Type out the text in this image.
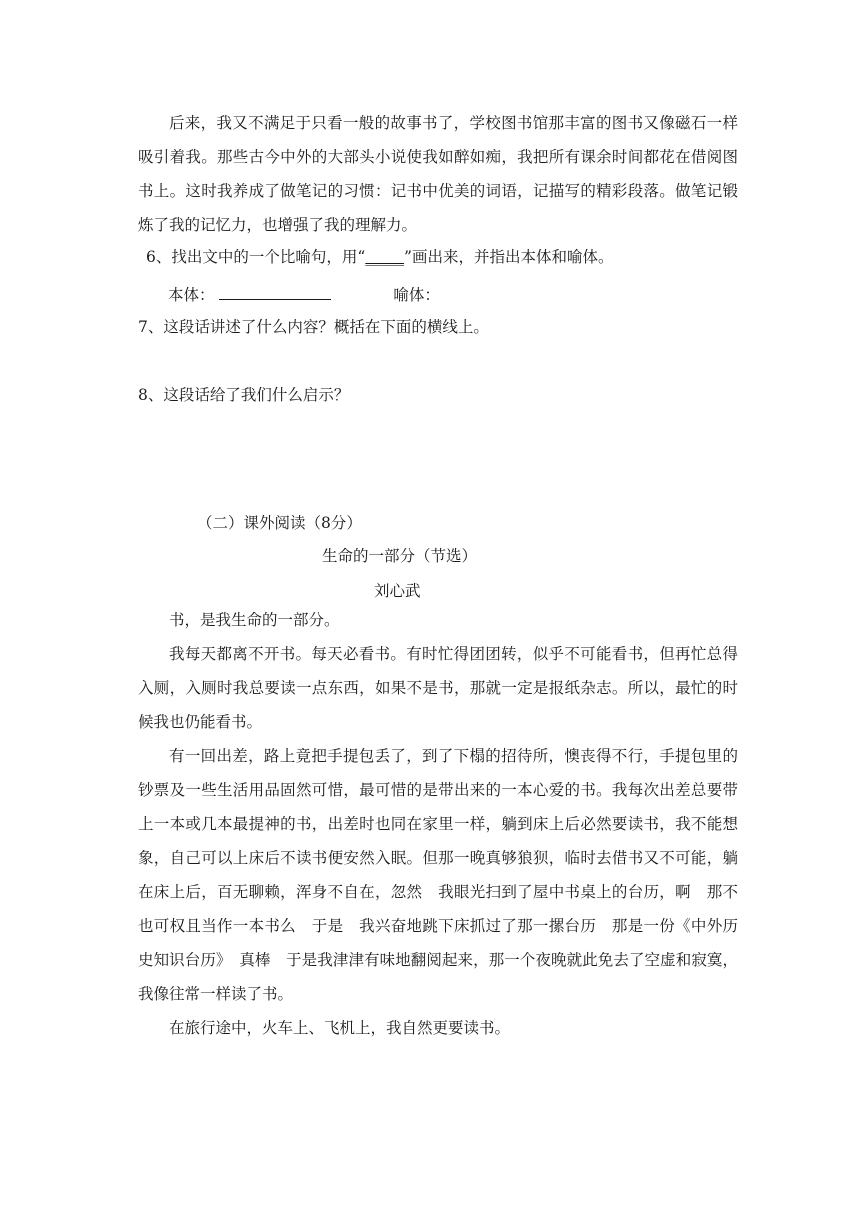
后来，我又不满足于只看一般的故事书了，学校图书馆那丰富的图书又像磁石一样吸引着我。那些古今中外的大部头小说使我如醉如痴，我把所有课余时间都花在借阅图书上。这时我养成了做笔记的习惯：记书中优美的词语，记描写的精彩段落。做笔记锻炼了我的记忆力，也增强了我的理解力。

6、找出文中的一个比喻句，用“_____”画出来，并指出本体和喻体。
本体：	喻体：
7、这段话讲述了什么内容？概括在下面的横线上。
8、这段话给了我们什么启示？
（二）课外阅读（8分）
生命的一部分（节选）
刘心武

书，是我生命的一部分。

我每天都离不开书。每天必看书。有时忙得团团转，似乎不可能看书，但再忙总得入厕，入厕时我总要读一点东西，如果不是书，那就一定是报纸杂志。所以，最忙的时候我也仍能看书。

有一回出差，路上竟把手提包丢了，到了下榻的招待所，懊丧得不行，手提包里的钞票及一些生活用品固然可惜，最可惜的是带出来的一本心爱的书。我每次出差总要带上一本或几本最提神的书，出差时也同在家里一样，躺到床上后必然要读书，我不能想象，自己可以上床后不读书便安然入眠。但那一晚真够狼狈，临时去借书又不可能，躺在床上后，百无聊赖，浑身不自在，忽然　我眼光扫到了屋中书桌上的台历，啊　那不也可权且当作一本书么　于是　我兴奋地跳下床抓过了那一摞台历　那是一份《中外历史知识台历》　真棒　于是我津津有味地翻阅起来，那一个夜晚就此免去了空虚和寂寞，我像往常一样读了书。

在旅行途中，火车上、飞机上，我自然更要读书。
